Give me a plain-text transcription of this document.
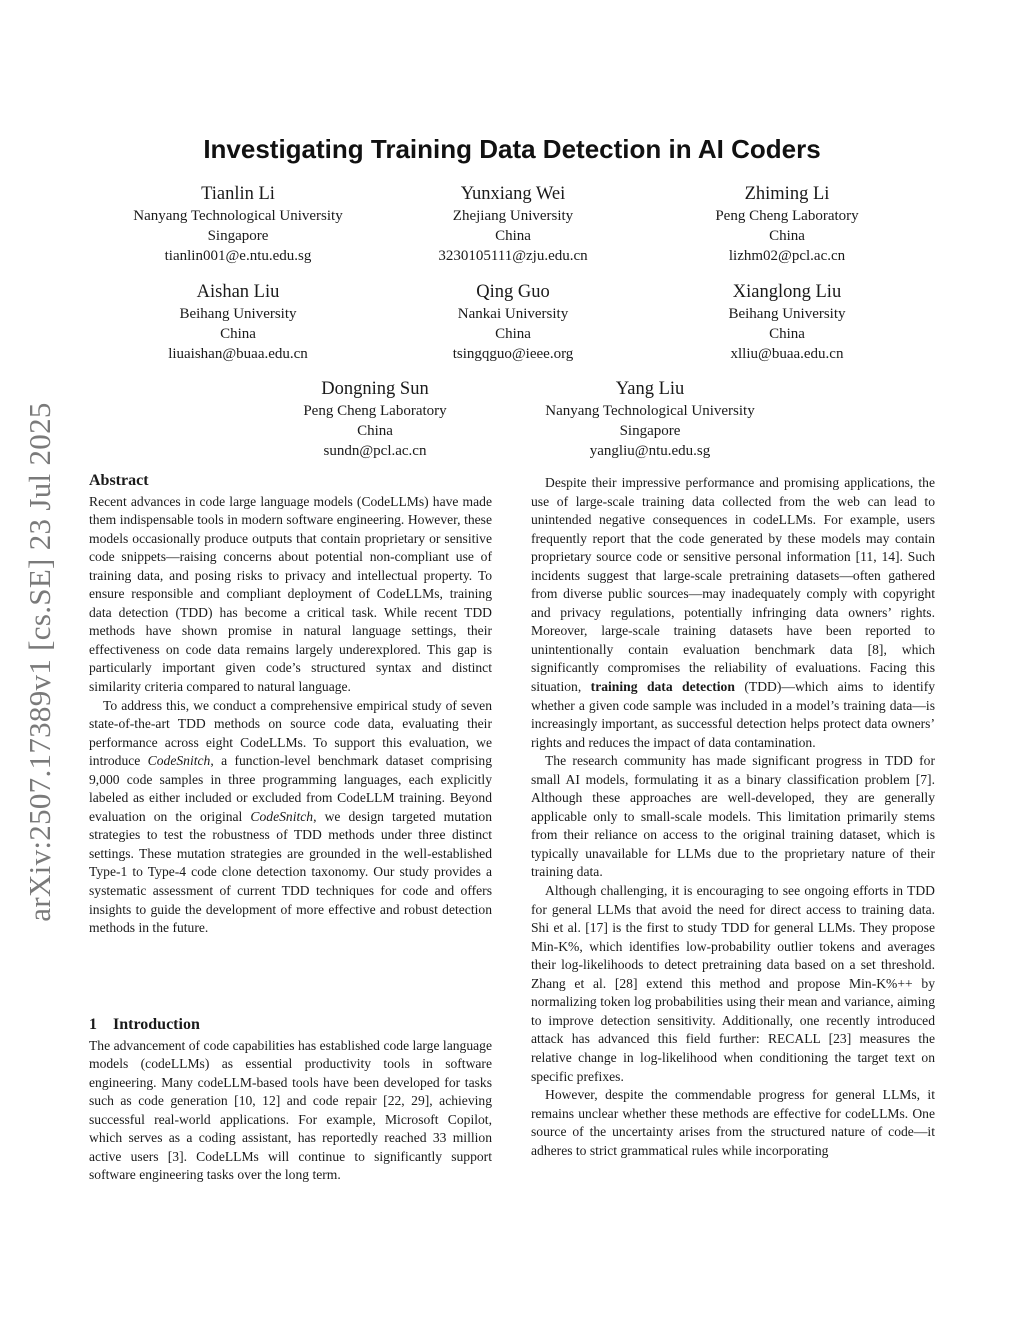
arXiv:2507.17389v1 [cs.SE] 23 Jul 2025
Investigating Training Data Detection in AI Coders
Tianlin Li
Nanyang Technological University
Singapore
tianlin001@e.ntu.edu.sg
Yunxiang Wei
Zhejiang University
China
3230105111@zju.edu.cn
Zhiming Li
Peng Cheng Laboratory
China
lizhm02@pcl.ac.cn
Aishan Liu
Beihang University
China
liuaishan@buaa.edu.cn
Qing Guo
Nankai University
China
tsingqguo@ieee.org
Xianglong Liu
Beihang University
China
xlliu@buaa.edu.cn
Dongning Sun
Peng Cheng Laboratory
China
sundn@pcl.ac.cn
Yang Liu
Nanyang Technological University
Singapore
yangliu@ntu.edu.sg

Abstract

Recent advances in code large language models (CodeLLMs) have made them indispensable tools in modern software engineering. However, these models occasionally produce outputs that contain proprietary or sensitive code snippets—raising concerns about potential non-compliant use of training data, and posing risks to privacy and intellectual property. To ensure responsible and compliant deployment of CodeLLMs, training data detection (TDD) has become a critical task. While recent TDD methods have shown promise in natural language settings, their effectiveness on code data remains largely underexplored. This gap is particularly important given code’s structured syntax and distinct similarity criteria compared to natural language.

To address this, we conduct a comprehensive empirical study of seven state-of-the-art TDD methods on source code data, evaluating their performance across eight CodeLLMs. To support this evaluation, we introduce CodeSnitch, a function-level benchmark dataset comprising 9,000 code samples in three programming languages, each explicitly labeled as either included or excluded from CodeLLM training. Beyond evaluation on the original CodeSnitch, we design targeted mutation strategies to test the robustness of TDD methods under three distinct settings. These mutation strategies are grounded in the well-established Type-1 to Type-4 code clone detection taxonomy. Our study provides a systematic assessment of current TDD techniques for code and offers insights to guide the development of more effective and robust detection methods in the future.

1 Introduction

The advancement of code capabilities has established code large language models (codeLLMs) as essential productivity tools in software engineering. Many codeLLM-based tools have been developed for tasks such as code generation [10, 12] and code repair [22, 29], achieving successful real-world applications. For example, Microsoft Copilot, which serves as a coding assistant, has reportedly reached 33 million active users [3]. CodeLLMs will continue to significantly support software engineering tasks over the long term.

Despite their impressive performance and promising applications, the use of large-scale training data collected from the web can lead to unintended negative consequences in codeLLMs. For example, users frequently report that the code generated by these models may contain proprietary source code or sensitive personal information [11, 14]. Such incidents suggest that large-scale pretraining datasets—often gathered from diverse public sources—may inadequately comply with copyright and privacy regulations, potentially infringing data owners’ rights. Moreover, large-scale training datasets have been reported to unintentionally contain evaluation benchmark data [8], which significantly compromises the reliability of evaluations. Facing this situation, training data detection (TDD)—which aims to identify whether a given code sample was included in a model’s training data—is increasingly important, as successful detection helps protect data owners’ rights and reduces the impact of data contamination.

The research community has made significant progress in TDD for small AI models, formulating it as a binary classification problem [7]. Although these approaches are well-developed, they are generally applicable only to small-scale models. This limitation primarily stems from their reliance on access to the original training dataset, which is typically unavailable for LLMs due to the proprietary nature of their training data.

Although challenging, it is encouraging to see ongoing efforts in TDD for general LLMs that avoid the need for direct access to training data. Shi et al. [17] is the first to study TDD for general LLMs. They propose Min-K%, which identifies low-probability outlier tokens and averages their log-likelihoods to detect pretraining data based on a set threshold. Zhang et al. [28] extend this method and propose Min-K%++ by normalizing token log probabilities using their mean and variance, aiming to improve detection sensitivity. Additionally, one recently introduced attack has advanced this field further: RECALL [23] measures the relative change in log-likelihood when conditioning the target text on specific prefixes.

However, despite the commendable progress for general LLMs, it remains unclear whether these methods are effective for codeLLMs. One source of the uncertainty arises from the structured nature of code—it adheres to strict grammatical rules while incorporating
